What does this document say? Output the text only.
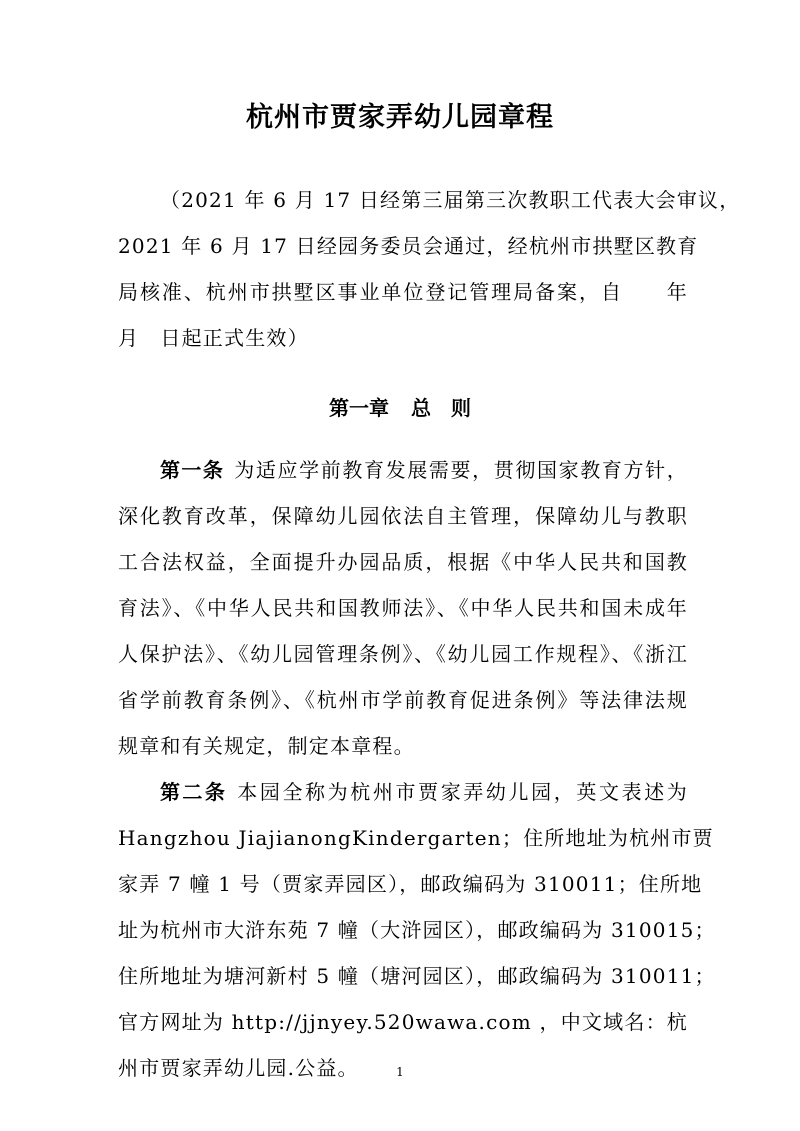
杭州市贾家弄幼儿园章程
（2021 年 6 月 17 日经第三届第三次教职工代表大会审议，
2021 年 6 月 17 日经园务委员会通过，经杭州市拱墅区教育
局核准、杭州市拱墅区事业单位登记管理局备案，自　　年
月　日起正式生效）
第一章 总　则
第一条 为适应学前教育发展需要，贯彻国家教育方针，
深化教育改革，保障幼儿园依法自主管理，保障幼儿与教职
工合法权益，全面提升办园品质，根据《中华人民共和国教
育法》、《中华人民共和国教师法》、《中华人民共和国未成年
人保护法》、《幼儿园管理条例》、《幼儿园工作规程》、《浙江
省学前教育条例》、《杭州市学前教育促进条例》等法律法规
规章和有关规定，制定本章程。
第二条 本园全称为杭州市贾家弄幼儿园，英文表述为
Hangzhou JiajianongKindergarten；住所地址为杭州市贾
家弄 7 幢 1 号（贾家弄园区），邮政编码为 310011；住所地
址为杭州市大浒东苑 7 幢（大浒园区），邮政编码为 310015；
住所地址为塘河新村 5 幢（塘河园区），邮政编码为 310011；
官方网址为 http://jjnyey.520wawa.com ，中文域名：杭
州市贾家弄幼儿园.公益。	1
